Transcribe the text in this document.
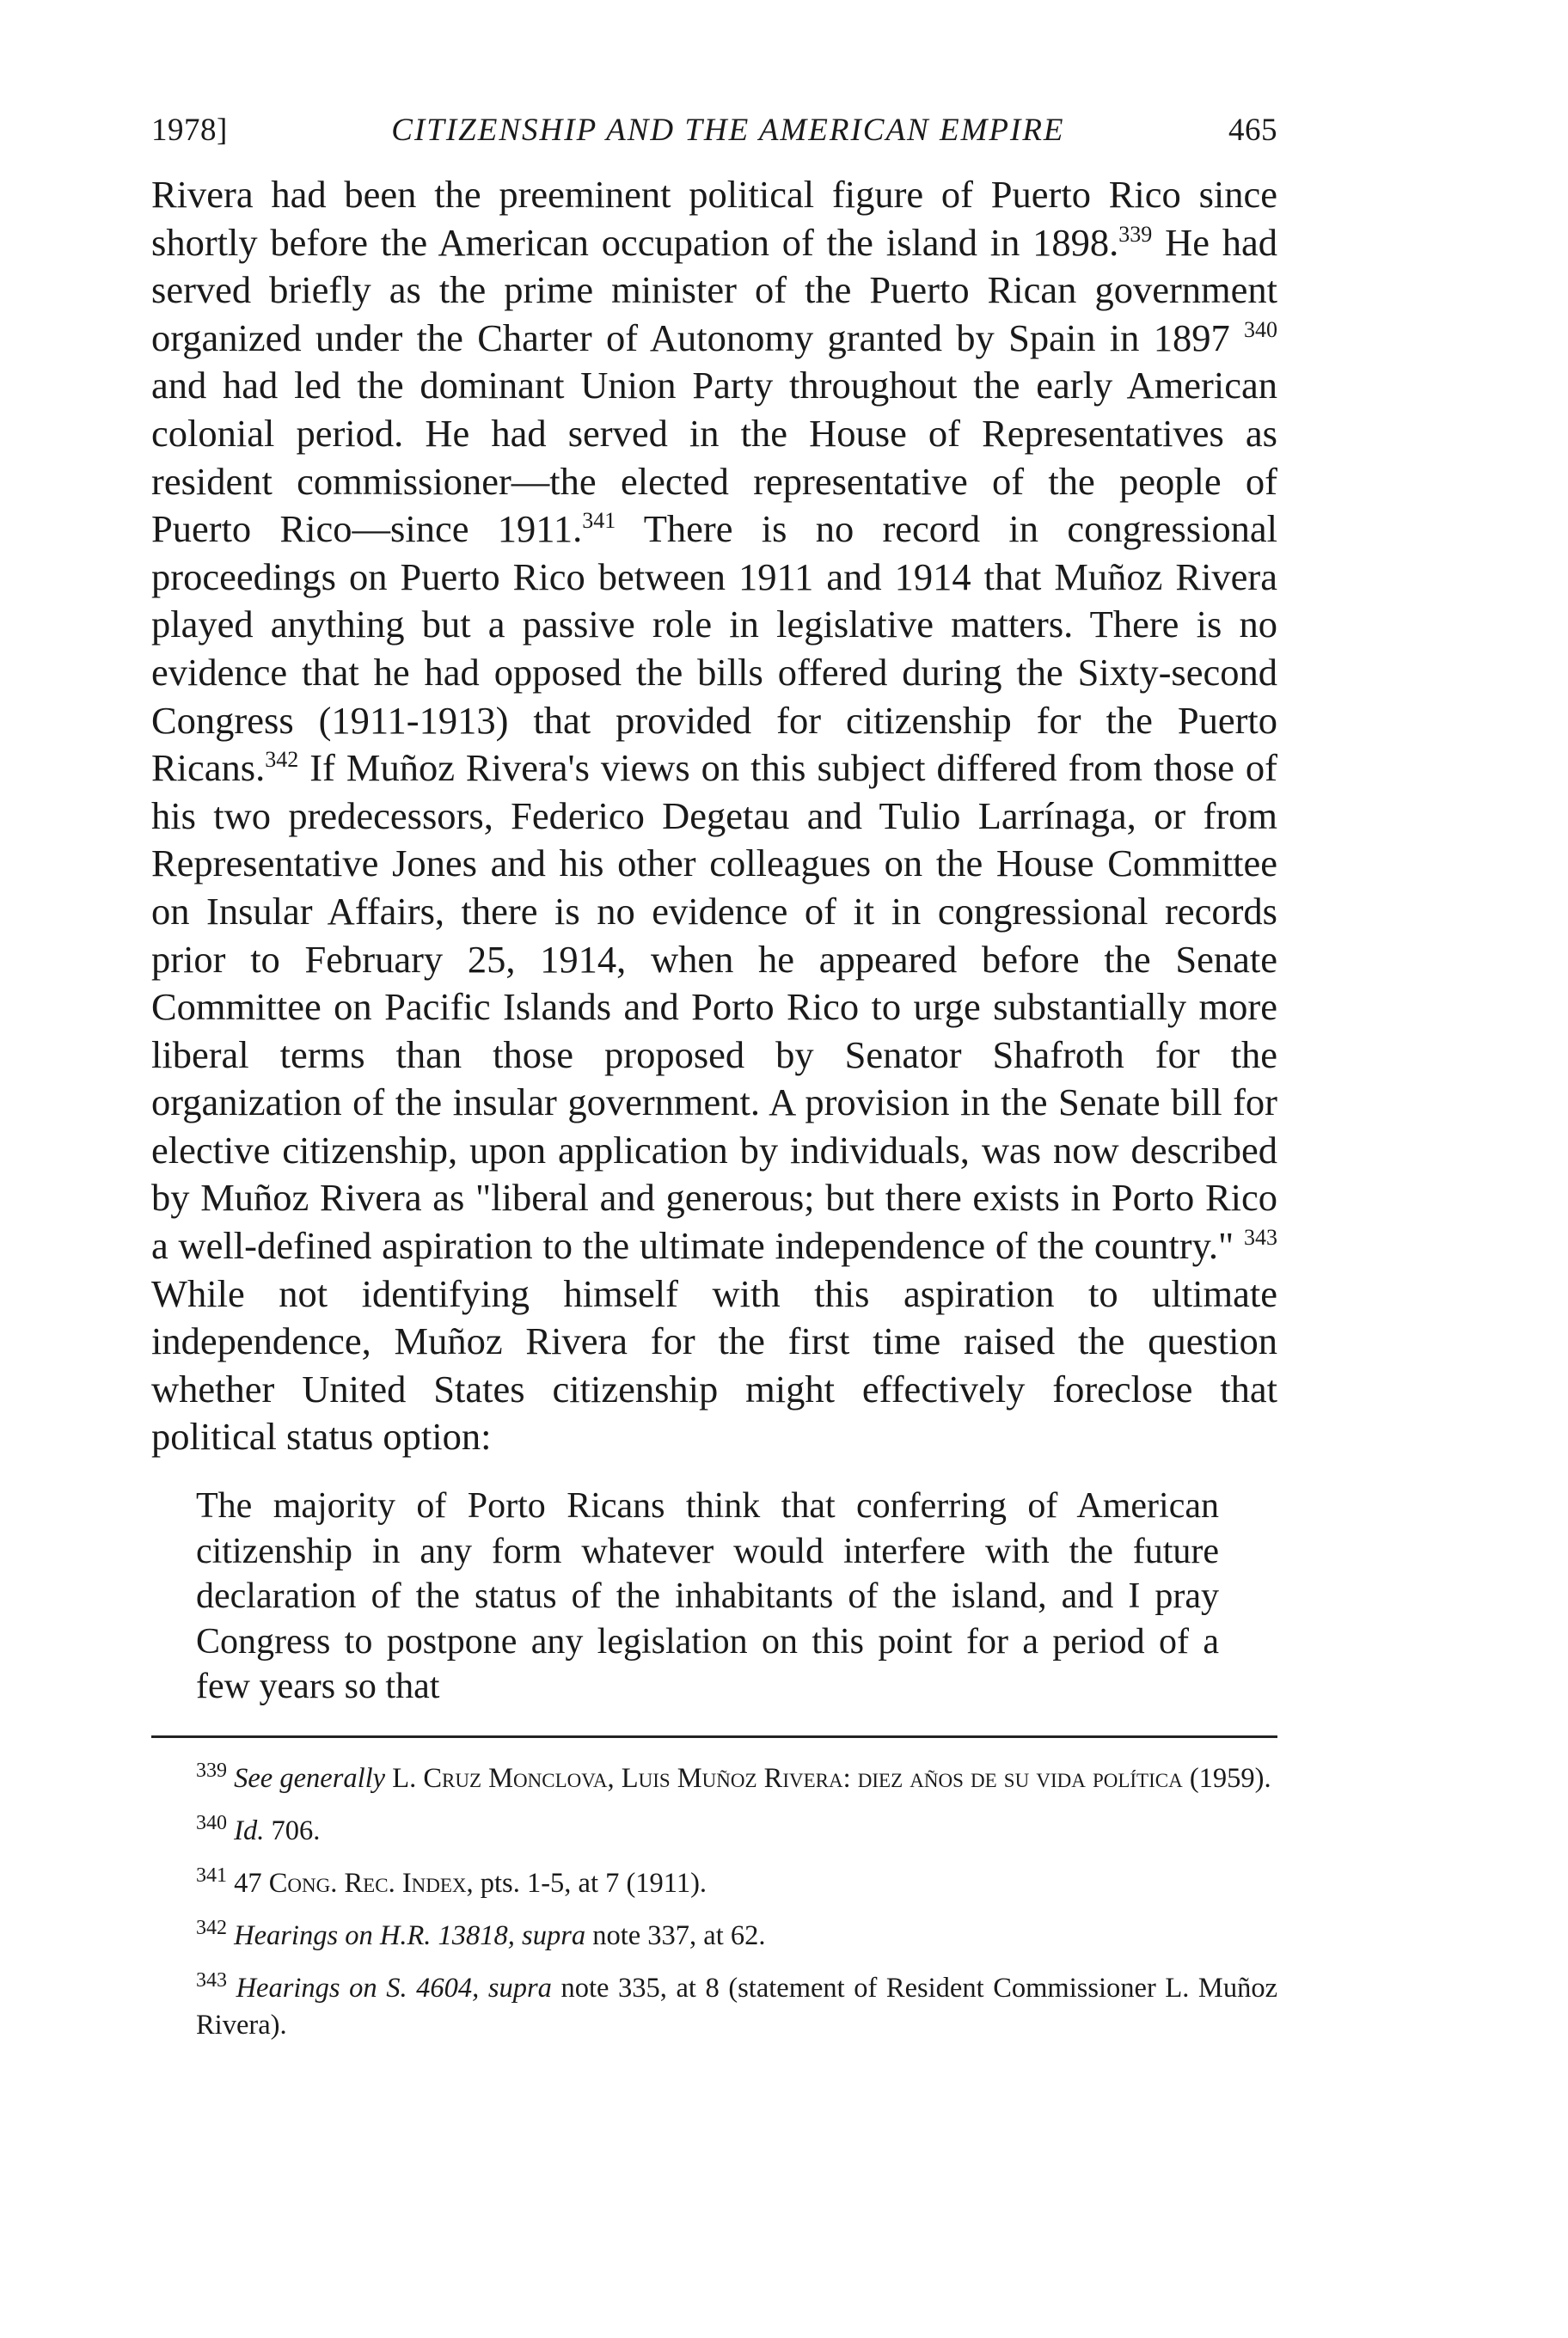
1978]	CITIZENSHIP AND THE AMERICAN EMPIRE	465

Rivera had been the preeminent political figure of Puerto Rico since shortly before the American occupation of the island in 1898.$^{339}$ He had served briefly as the prime minister of the Puerto Rican government organized under the Charter of Autonomy granted by Spain in 1897 $^{340}$ and had led the dominant Union Party throughout the early American colonial period. He had served in the House of Representatives as resident commissioner—the elected representative of the people of Puerto Rico—since 1911.$^{341}$ There is no record in congressional proceedings on Puerto Rico between 1911 and 1914 that Muñoz Rivera played anything but a passive role in legislative matters. There is no evidence that he had opposed the bills offered during the Sixty-second Congress (1911-1913) that provided for citizenship for the Puerto Ricans.$^{342}$ If Muñoz Rivera's views on this subject differed from those of his two predecessors, Federico Degetau and Tulio Larrínaga, or from Representative Jones and his other colleagues on the House Committee on Insular Affairs, there is no evidence of it in congressional records prior to February 25, 1914, when he appeared before the Senate Committee on Pacific Islands and Porto Rico to urge substantially more liberal terms than those proposed by Senator Shafroth for the organization of the insular government. A provision in the Senate bill for elective citizenship, upon application by individuals, was now described by Muñoz Rivera as "liberal and generous; but there exists in Porto Rico a well-defined aspiration to the ultimate independence of the country." $^{343}$ While not identifying himself with this aspiration to ultimate independence, Muñoz Rivera for the first time raised the question whether United States citizenship might effectively foreclose that political status option:

The majority of Porto Ricans think that conferring of American citizenship in any form whatever would interfere with the future declaration of the status of the inhabitants of the island, and I pray Congress to postpone any legislation on this point for a period of a few years so that

$^{339}$ See generally L. Cruz Monclova, Luis Muñoz Rivera: diez años de su vida política (1959).

$^{340}$ Id. 706.

$^{341}$ 47 Cong. Rec. Index, pts. 1-5, at 7 (1911).

$^{342}$ Hearings on H.R. 13818, supra note 337, at 62.

$^{343}$ Hearings on S. 4604, supra note 335, at 8 (statement of Resident Commissioner L. Muñoz Rivera).
